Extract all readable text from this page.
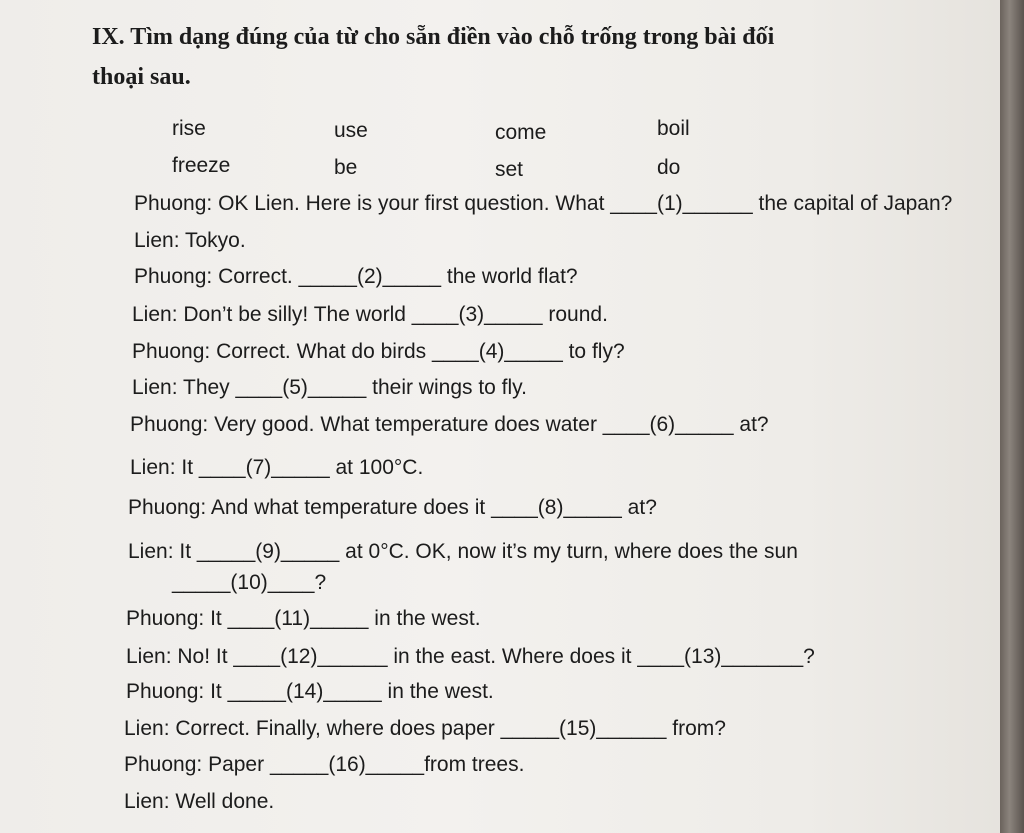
IX. Tìm dạng đúng của từ cho sẵn điền vào chỗ trống trong bài đối
thoại sau.
rise	use	come	boil
freeze	be	set	do
Phuong: OK Lien. Here is your first question. What ____(1)______ the capital of Japan?
Lien: Tokyo.
Phuong: Correct. _____(2)_____ the world flat?
Lien: Don’t be silly! The world ____(3)_____ round.
Phuong: Correct. What do birds ____(4)_____ to fly?
Lien: They ____(5)_____ their wings to fly.
Phuong: Very good. What temperature does water ____(6)_____ at?
Lien: It ____(7)_____ at 100°C.
Phuong: And what temperature does it ____(8)_____ at?
Lien: It _____(9)_____ at 0°C. OK, now it’s my turn, where does the sun
_____(10)____?
Phuong: It ____(11)_____ in the west.
Lien: No! It ____(12)______ in the east. Where does it ____(13)_______?
Phuong: It _____(14)_____ in the west.
Lien: Correct. Finally, where does paper _____(15)______ from?
Phuong: Paper _____(16)_____from trees.
Lien: Well done.
